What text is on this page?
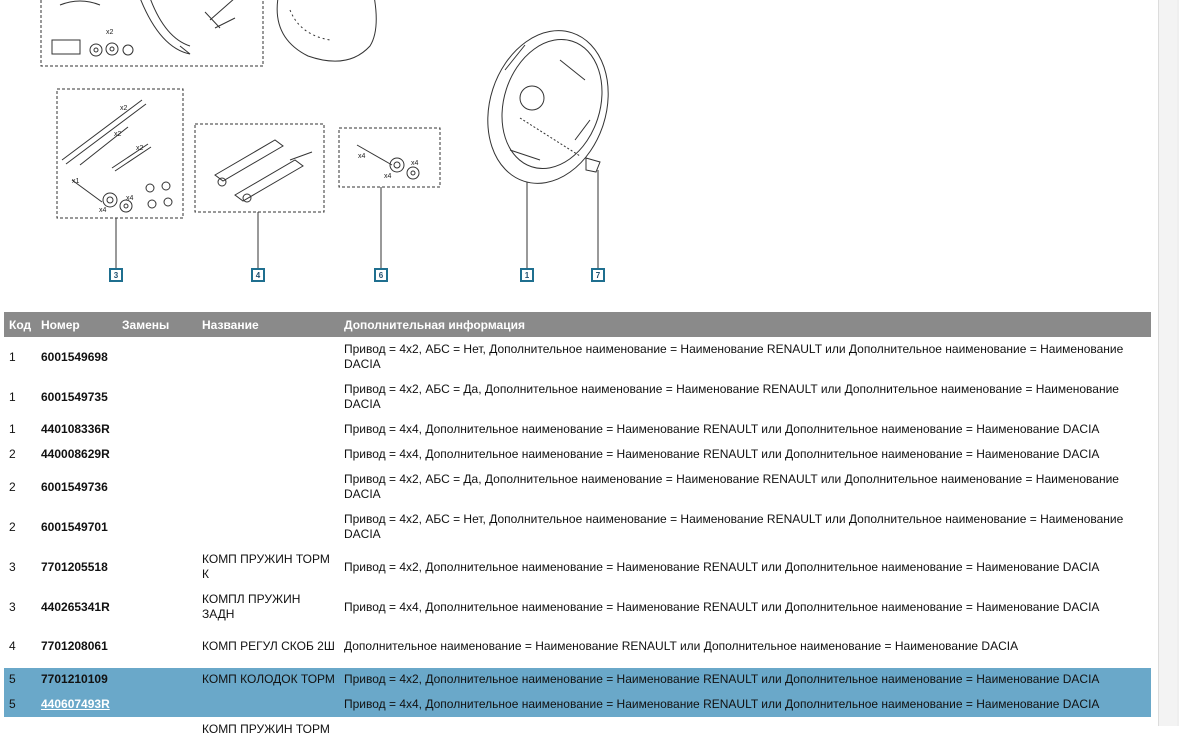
x2
x2
x2
x2
x1
x4
x4
x4
x4
x4
3	4	6	1	7
Код	Номер	Замены	Название	Дополнительная информация
1	6001549698			Привод = 4x2, АБС = Нет, Дополнительное наименование = Наименование RENAULT или Дополнительное наименование = Наименование DACIA
1	6001549735			Привод = 4x2, АБС = Да, Дополнительное наименование = Наименование RENAULT или Дополнительное наименование = Наименование DACIA
1	440108336R			Привод = 4x4, Дополнительное наименование = Наименование RENAULT или Дополнительное наименование = Наименование DACIA
2	440008629R			Привод = 4x4, Дополнительное наименование = Наименование RENAULT или Дополнительное наименование = Наименование DACIA
2	6001549736			Привод = 4x2, АБС = Да, Дополнительное наименование = Наименование RENAULT или Дополнительное наименование = Наименование DACIA
2	6001549701			Привод = 4x2, АБС = Нет, Дополнительное наименование = Наименование RENAULT или Дополнительное наименование = Наименование DACIA
3	7701205518		КОМП ПРУЖИН ТОРМ К	Привод = 4x2, Дополнительное наименование = Наименование RENAULT или Дополнительное наименование = Наименование DACIA
3	440265341R		КОМПЛ ПРУЖИН ЗАДН	Привод = 4x4, Дополнительное наименование = Наименование RENAULT или Дополнительное наименование = Наименование DACIA
4	7701208061		КОМП РЕГУЛ СКОБ 2Ш	Дополнительное наименование = Наименование RENAULT или Дополнительное наименование = Наименование DACIA
5	7701210109		КОМП КОЛОДОК ТОРМ	Привод = 4x2, Дополнительное наименование = Наименование RENAULT или Дополнительное наименование = Наименование DACIA
5	440607493R			Привод = 4x4, Дополнительное наименование = Наименование RENAULT или Дополнительное наименование = Наименование DACIA
			КОМП ПРУЖИН ТОРМ	
